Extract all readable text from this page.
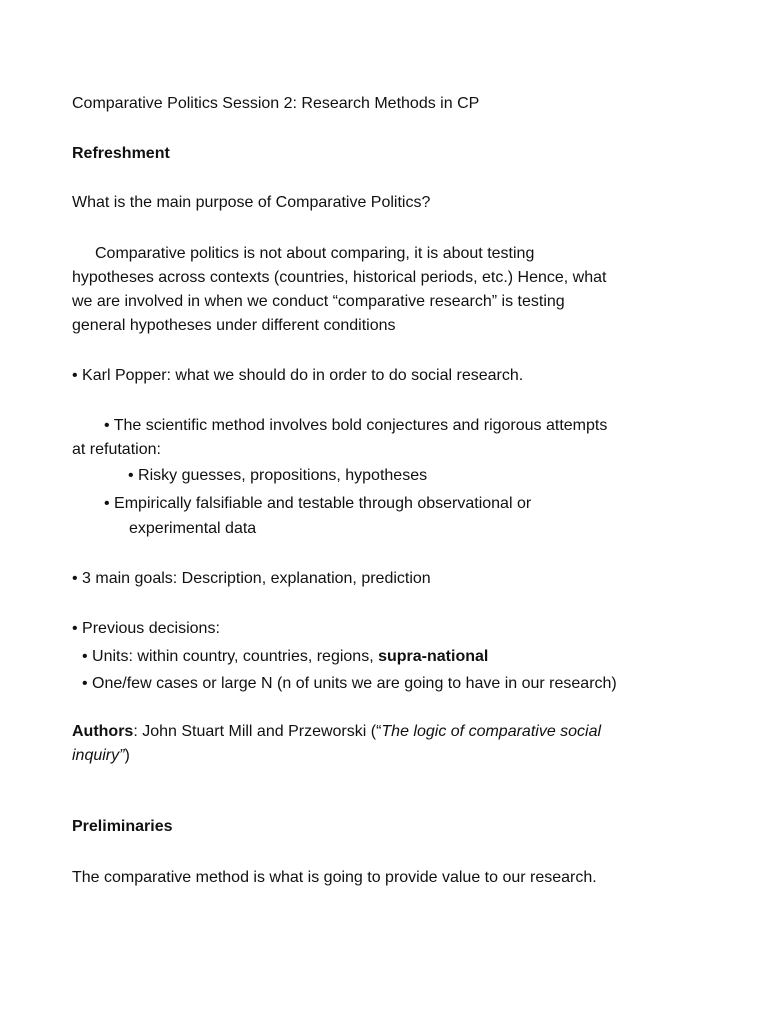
Comparative Politics Session 2: Research Methods in CP

Refreshment

What is the main purpose of Comparative Politics?

Comparative politics is not about comparing, it is about testing

hypotheses across contexts (countries, historical periods, etc.) Hence, what

we are involved in when we conduct “comparative research” is testing

general hypotheses under different conditions

• Karl Popper: what we should do in order to do social research.

• The scientific method involves bold conjectures and rigorous attempts

at refutation:

• Risky guesses, propositions, hypotheses

• Empirically falsifiable and testable through observational or

experimental data

• 3 main goals: Description, explanation, prediction

• Previous decisions:

• Units: within country, countries, regions, supra-national

• One/few cases or large N (n of units we are going to have in our research)

Authors: John Stuart Mill and Przeworski (“The logic of comparative social

inquiry”)

Preliminaries

The comparative method is what is going to provide value to our research.
